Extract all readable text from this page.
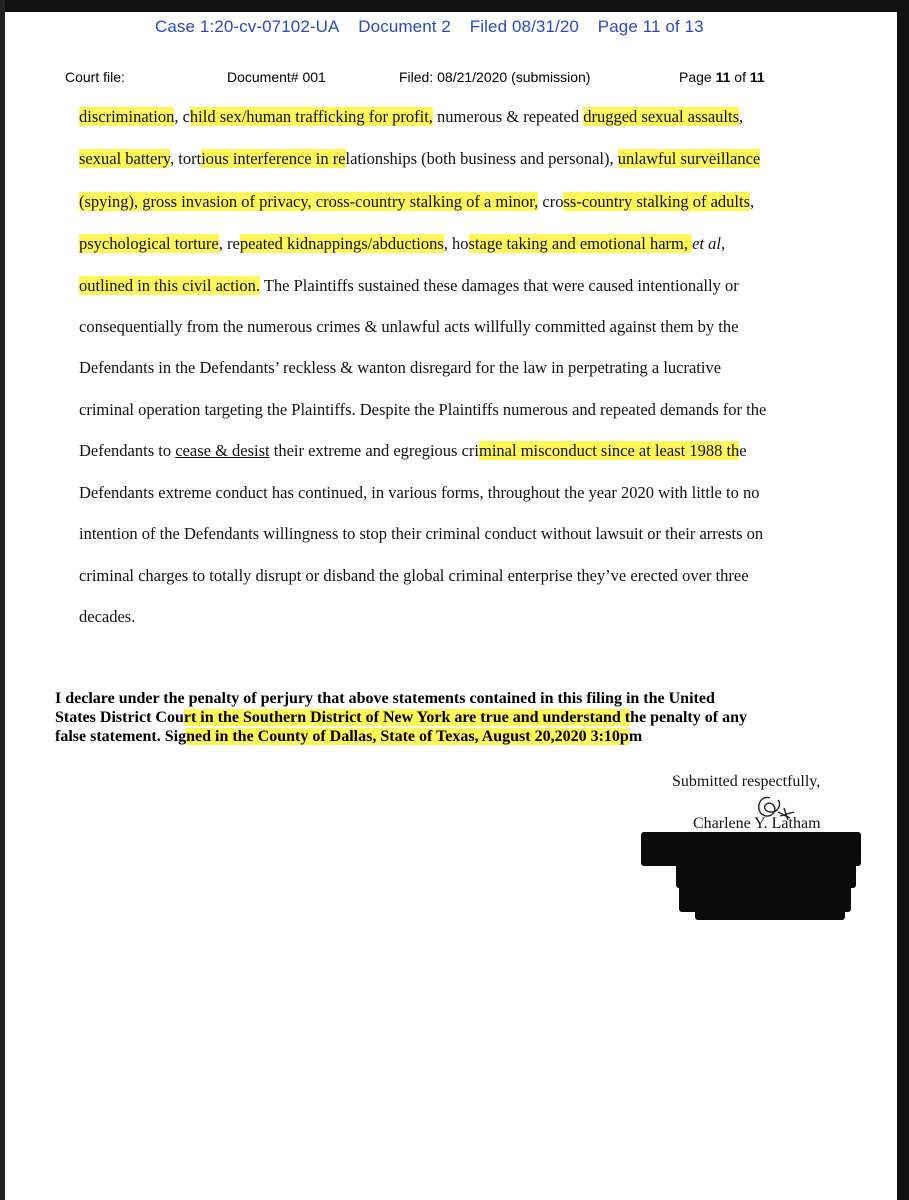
Case 1:20-cv-07102-UA Document 2 Filed 08/31/20 Page 11 of 13
Court file:	Document# 001	Filed: 08/21/2020 (submission)	Page 11 of 11
discrimination, child sex/human trafficking for profit, numerous & repeated drugged sexual assaults,
sexual battery, tortious interference in relationships (both business and personal), unlawful surveillance
(spying), gross invasion of privacy, cross-country stalking of a minor, cross-country stalking of adults,
psychological torture, repeated kidnappings/abductions, hostage taking and emotional harm, et al,
outlined in this civil action. The Plaintiffs sustained these damages that were caused intentionally or
consequentially from the numerous crimes & unlawful acts willfully committed against them by the
Defendants in the Defendants’ reckless & wanton disregard for the law in perpetrating a lucrative
criminal operation targeting the Plaintiffs. Despite the Plaintiffs numerous and repeated demands for the
Defendants to cease & desist their extreme and egregious criminal misconduct since at least 1988 the
Defendants extreme conduct has continued, in various forms, throughout the year 2020 with little to no
intention of the Defendants willingness to stop their criminal conduct without lawsuit or their arrests on
criminal charges to totally disrupt or disband the global criminal enterprise they’ve erected over three
decades.
I declare under the penalty of perjury that above statements contained in this filing in the United
States District Court in the Southern District of New York are true and understand the penalty of any
false statement. Signed in the County of Dallas, State of Texas, August 20,2020 3:10pm
Submitted respectfully,
Charlene Y. Latham
